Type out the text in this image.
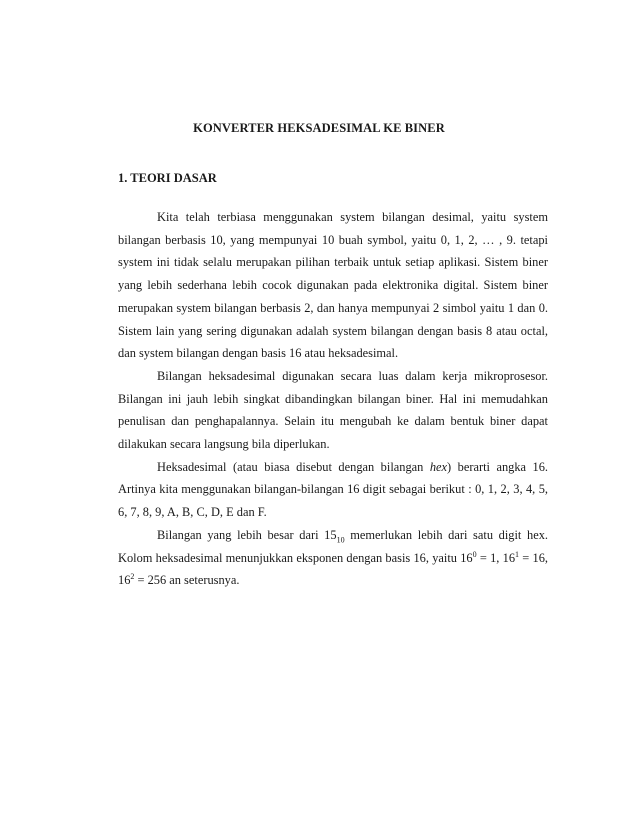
KONVERTER HEKSADESIMAL KE BINER
1. TEORI DASAR

Kita telah terbiasa menggunakan system bilangan desimal, yaitu system bilangan berbasis 10, yang mempunyai 10 buah symbol, yaitu 0, 1, 2, … , 9. tetapi system ini tidak selalu merupakan pilihan terbaik untuk setiap aplikasi. Sistem biner yang lebih sederhana lebih cocok digunakan pada elektronika digital. Sistem biner merupakan system bilangan berbasis 2, dan hanya mempunyai 2 simbol yaitu 1 dan 0. Sistem lain yang sering digunakan adalah system bilangan dengan basis 8 atau octal, dan system bilangan dengan basis 16 atau heksadesimal.

Bilangan heksadesimal digunakan secara luas dalam kerja mikroprosesor. Bilangan ini jauh lebih singkat dibandingkan bilangan biner. Hal ini memudahkan penulisan dan penghapalannya. Selain itu mengubah ke dalam bentuk biner dapat dilakukan secara langsung bila diperlukan.

Heksadesimal (atau biasa disebut dengan bilangan hex) berarti angka 16. Artinya kita menggunakan bilangan-bilangan 16 digit sebagai berikut : 0, 1, 2, 3, 4, 5, 6, 7, 8, 9, A, B, C, D, E dan F.

Bilangan yang lebih besar dari $15_{10}$ memerlukan lebih dari satu digit hex. Kolom heksadesimal menunjukkan eksponen dengan basis 16, yaitu $16^0 = 1$, $16^1 = 16$, $16^2 = 256$ an seterusnya.
